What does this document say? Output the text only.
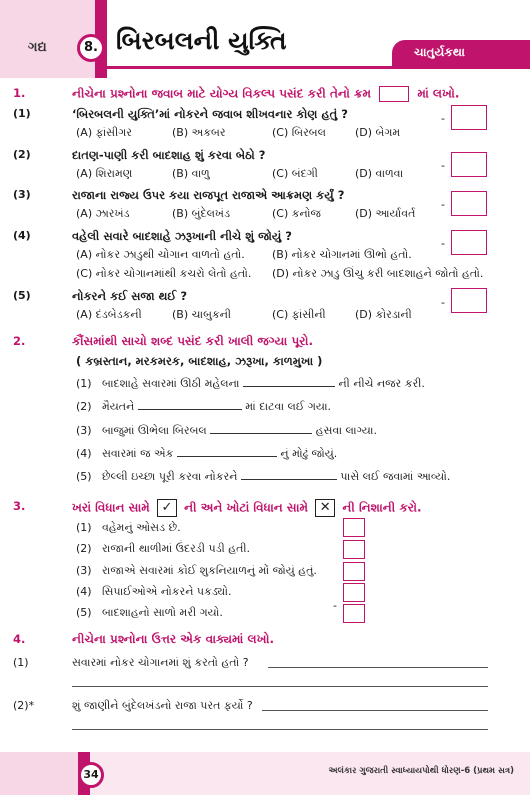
ગદ્ય	8. બિરબલની યુક્તિ	ચાતુર્યકથા
1.	નીચેના પ્રશ્નોના જવાબ માટે યોગ્ય વિકલ્પ પસંદ કરી તેનો ક્રમ	માં લખો.
(1)	‘બિરબલની યુક્તિ’માં નોકરને જવાબ શીખવનાર કોણ હતું ?
(A) ફાંસીગર	(B) અકબર	(C) બિરબલ	(D) બેગમ
-
(2)	દાતણ-પાણી કરી બાદશાહ શું કરવા બેઠો ?
(A) શિરામણ	(B) વાળુ	(C) બંદગી	(D) વાળવા
-
(3)	રાજાના રાજ્ય ઉપર કયા રાજપૂત રાજાએ આક્રમણ કર્યું ?
(A) ઝારખંડ	(B) બુંદેલખંડ	(C) કનોજ	(D) આર્યાવર્ત
-
(4)	વહેલી સવારે બાદશાહે ઝરૂખાની નીચે શું જોયું ?
(A) નોકર ઝાડુથી ચોગાન વાળતો હતો. (B) નોકર ચોગાનમાં ઊભો હતો.
(C) નોકર ચોગાનમાંથી કચરો લેતો હતો. (D) નોકર ઝાડુ ઊંચુ કરી બાદશાહને જોતો હતો.
-
(5)	નોકરને કઈ સજા થઈ ?
(A) દંડબેડકની	(B) ચાબુકની	(C) ફાંસીની	(D) કોરડાની
-
2.	કૌંસમાંથી સાચો શબ્દ પસંદ કરી ખાલી જગ્યા પૂરો.
( કબ્રસ્તાન, મરકમરક, બાદશાહ, ઝરૂખા, કાળમુખા )
(1) બાદશાહે સવારમાં ઊઠી મહેલના	ની નીચે નજર કરી.
(2) મૈયતને	માં દાટવા લઈ ગયા.
(3) બાજુમાં ઊભેલા બિરબલ	હસવા લાગ્યા.
(4) સવારમાં જ એક	નું મોઢું જોયું.
(5) છેલ્લી ઇચ્છા પૂરી કરવા નોકરને	પાસે લઈ જવામાં આવ્યો.
3.	ખરાં વિધાન સામે ✓ ની અને ખોટાં વિધાન સામે ✕ ની નિશાની કરો.
(1) વહેમનું ઓસડ છે.
-
(2) રાજાની થાળીમાં ઉંદરડી પડી હતી.
(3) રાજાએ સવારમાં કોઈ શુકનિયાળનું મોં જોયું હતું.
(4) સિપાઈઓએ નોકરને પકડ્યો.
(5) બાદશાહનો સાળો મરી ગયો.
4.	નીચેના પ્રશ્નોના ઉત્તર એક વાક્યમાં લખો.
(1)	સવારમાં નોકર ચોગાનમાં શું કરતો હતો ?
(2)*	શું જાણીને બુંદેલખંડનો રાજા પરત ફર્યો ?
અલંકાર ગુજરાતી સ્વાધ્યાયપોથી ધોરણ-6 (પ્રથમ સત્ર)
34
